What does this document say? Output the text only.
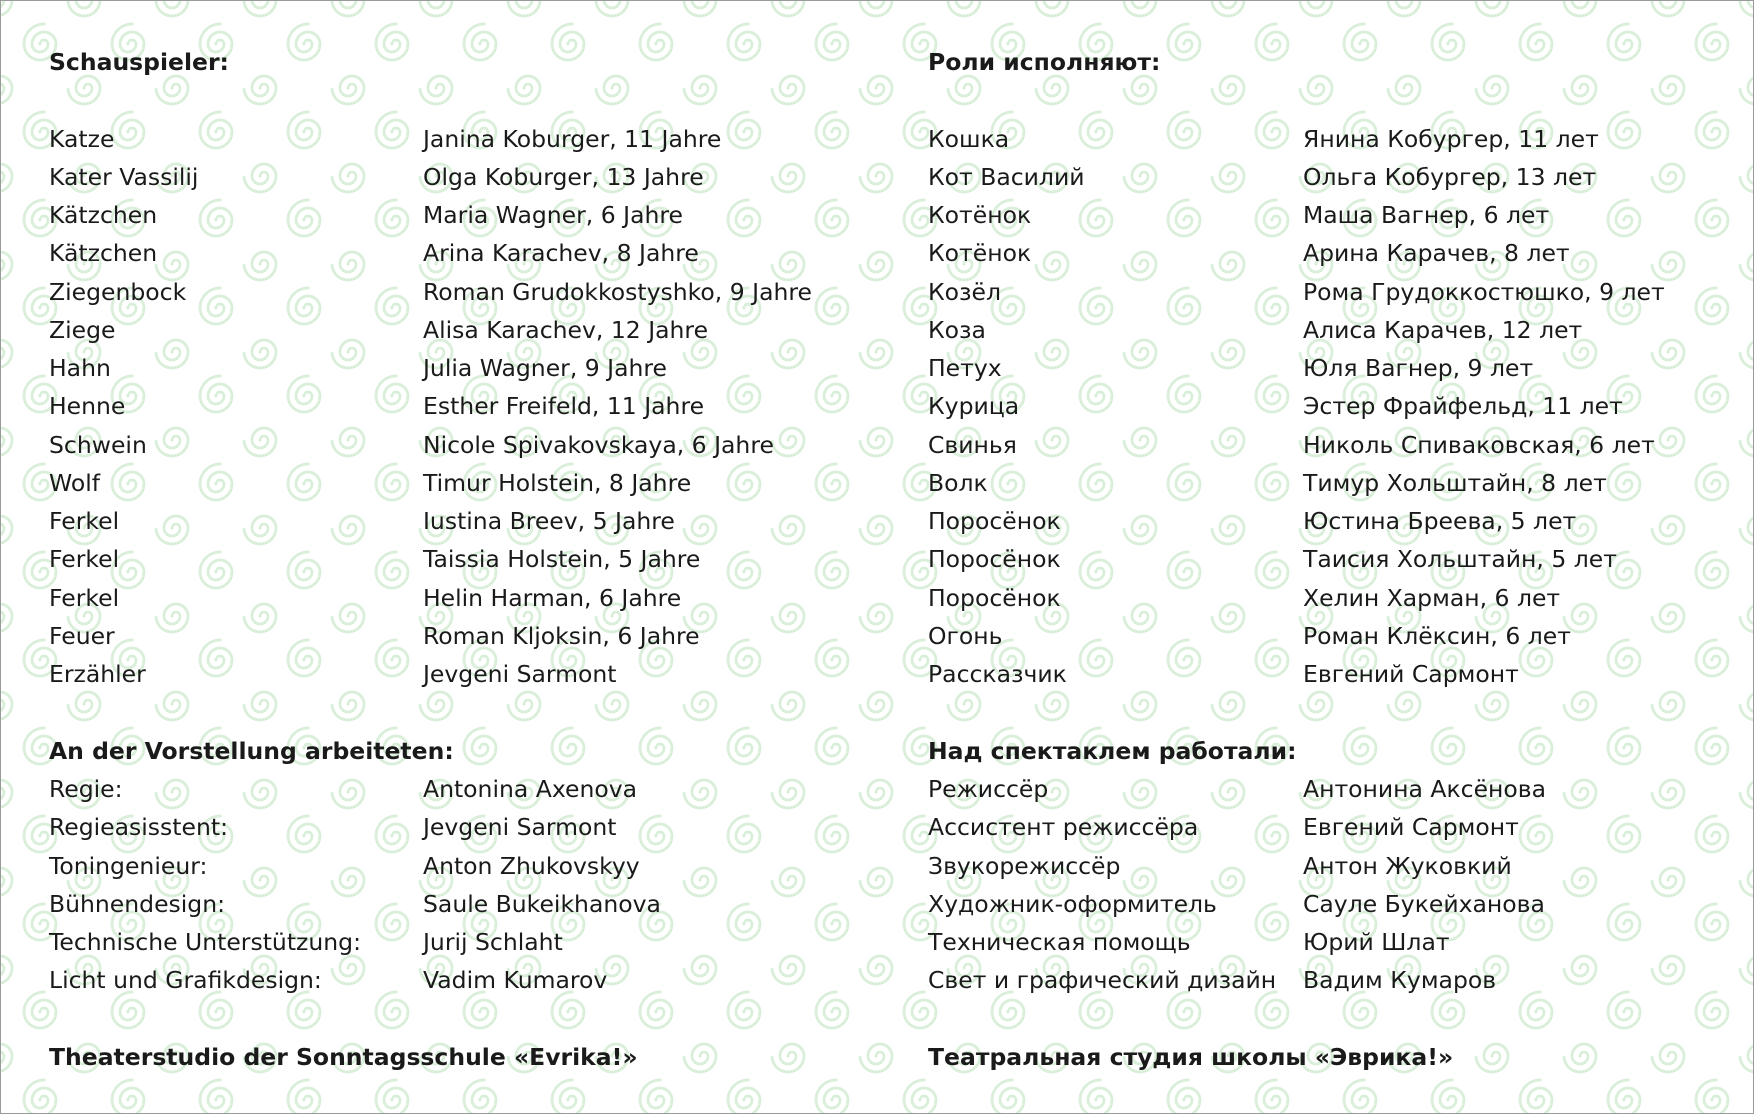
Schauspieler:
Katze	Janina Koburger, 11 Jahre
Kater Vassilij	Olga Koburger, 13 Jahre
Kätzchen	Maria Wagner, 6 Jahre
Kätzchen	Arina Karachev, 8 Jahre
Ziegenbock	Roman Grudokkostyshko, 9 Jahre
Ziege	Alisa Karachev, 12 Jahre
Hahn	Julia Wagner, 9 Jahre
Henne	Esther Freifeld, 11 Jahre
Schwein	Nicole Spivakovskaya, 6 Jahre
Wolf	Timur Holstein, 8 Jahre
Ferkel	Iustina Breev, 5 Jahre
Ferkel	Taissia Holstein, 5 Jahre
Ferkel	Helin Harman, 6 Jahre
Feuer	Roman Kljoksin, 6 Jahre
Erzähler	Jevgeni Sarmont
An der Vorstellung arbeiteten:
Regie:	Antonina Axenova
Regieasisstent:	Jevgeni Sarmont
Toningenieur:	Anton Zhukovskyy
Bühnendesign:	Saule Bukeikhanova
Technische Unterstützung:	Jurij Schlaht
Licht und Grafikdesign:	Vadim Kumarov
Theaterstudio der Sonntagsschule «Evrika!»
Роли исполняют:
Кошка	Янина Кобургер, 11 лет
Кот Василий	Ольга Кобургер, 13 лет
Котёнок	Маша Вагнер, 6 лет
Котёнок	Арина Карачев, 8 лет
Козёл	Рома Грудоккостюшко, 9 лет
Коза	Алиса Карачев, 12 лет
Петух	Юля Вагнер, 9 лет
Курица	Эстер Фрайфельд, 11 лет
Свинья	Николь Спиваковская, 6 лет
Волк	Тимур Хольштайн, 8 лет
Поросёнок	Юстина Бреева, 5 лет
Поросёнок	Таисия Хольштайн, 5 лет
Поросёнок	Хелин Харман, 6 лет
Огонь	Роман Клёксин, 6 лет
Рассказчик	Евгений Сармонт
Над спектаклем работали:
Режиссёр	Антонина Аксёнова
Ассистент режиссёра	Евгений Сармонт
Звукорежиссёр	Антон Жуковкий
Художник-оформитель	Сауле Букейханова
Техническая помощь	Юрий Шлат
Свет и графический дизайн Вадим Кумаров
Театральная студия школы «Эврика!»
